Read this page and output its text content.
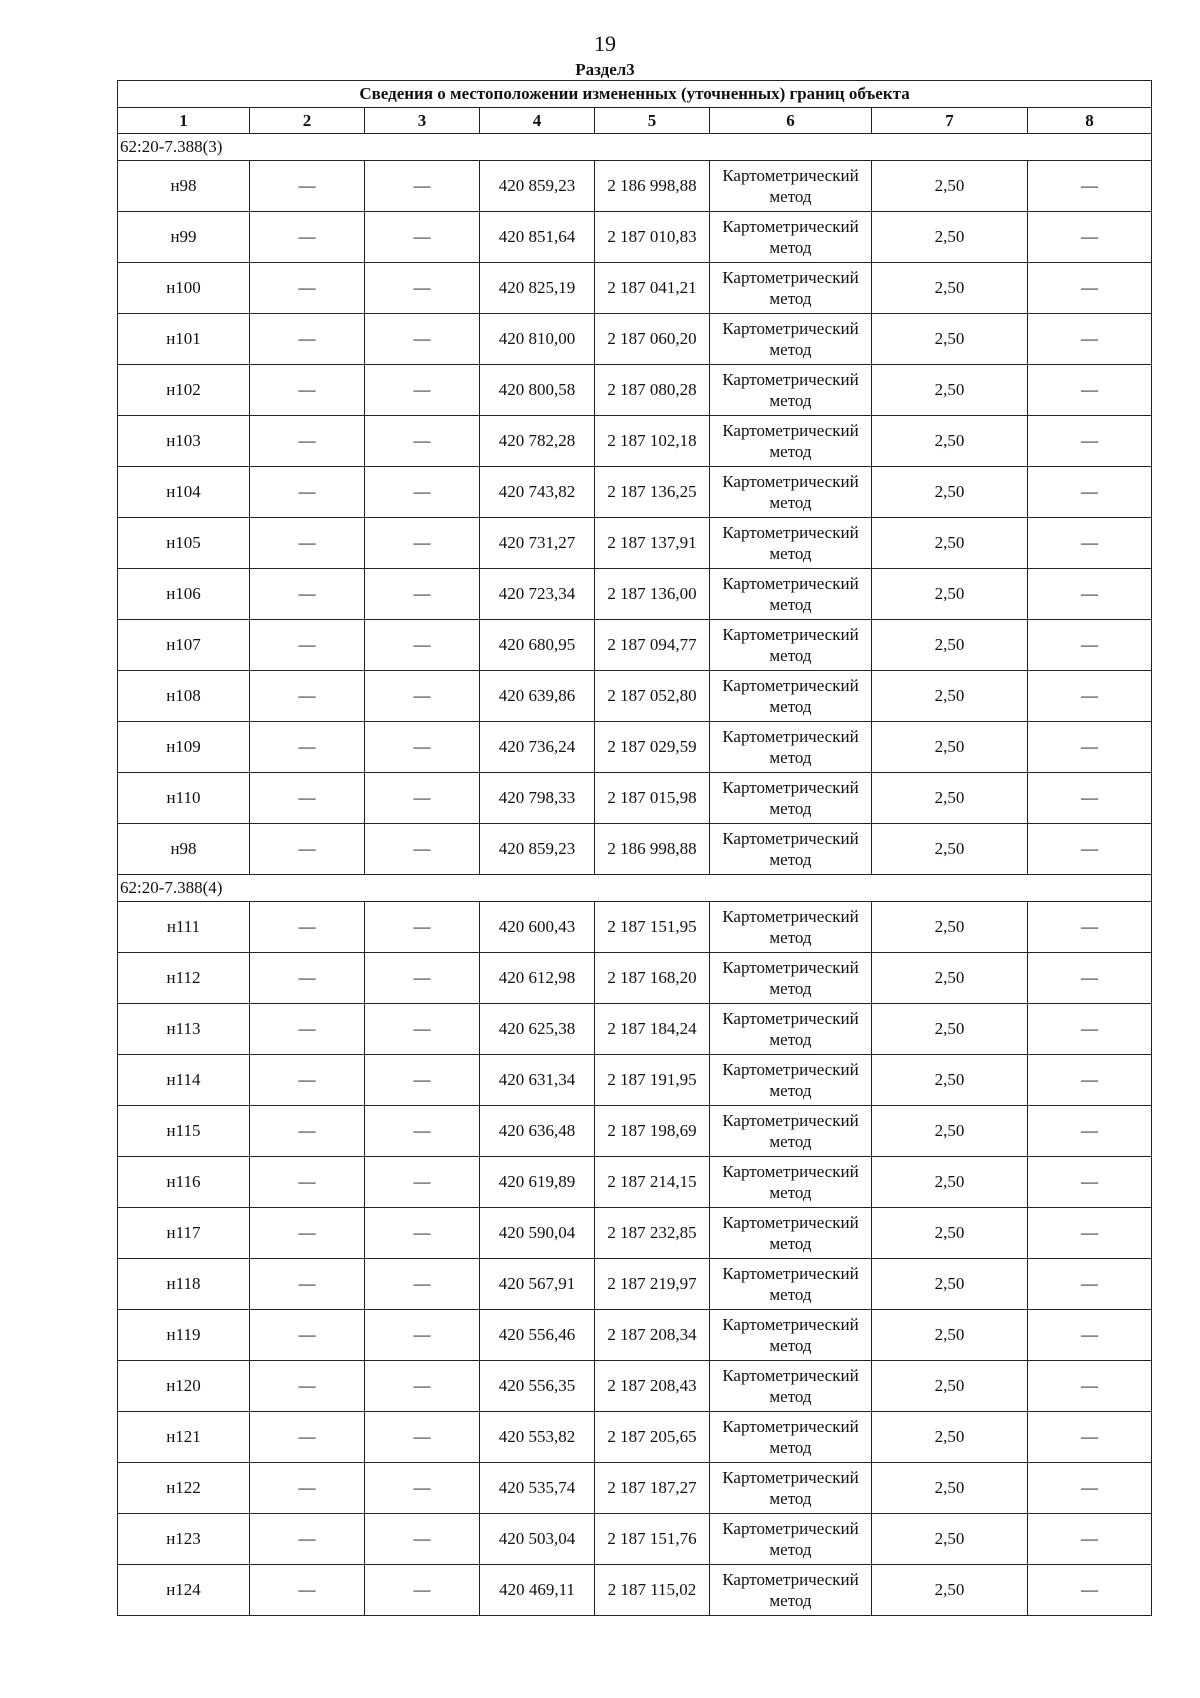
19
Раздел3
Сведения о местоположении измененных (уточненных) границ объекта							
1	2	3	4	5	6	7	8
62:20-7.388(3)							
н98	—	—	420 859,23	2 186 998,88	Картометрический метод	2,50	—
н99	—	—	420 851,64	2 187 010,83	Картометрический метод	2,50	—
н100	—	—	420 825,19	2 187 041,21	Картометрический метод	2,50	—
н101	—	—	420 810,00	2 187 060,20	Картометрический метод	2,50	—
н102	—	—	420 800,58	2 187 080,28	Картометрический метод	2,50	—
н103	—	—	420 782,28	2 187 102,18	Картометрический метод	2,50	—
н104	—	—	420 743,82	2 187 136,25	Картометрический метод	2,50	—
н105	—	—	420 731,27	2 187 137,91	Картометрический метод	2,50	—
н106	—	—	420 723,34	2 187 136,00	Картометрический метод	2,50	—
н107	—	—	420 680,95	2 187 094,77	Картометрический метод	2,50	—
н108	—	—	420 639,86	2 187 052,80	Картометрический метод	2,50	—
н109	—	—	420 736,24	2 187 029,59	Картометрический метод	2,50	—
н110	—	—	420 798,33	2 187 015,98	Картометрический метод	2,50	—
н98	—	—	420 859,23	2 186 998,88	Картометрический метод	2,50	—
62:20-7.388(4)							
н111	—	—	420 600,43	2 187 151,95	Картометрический метод	2,50	—
н112	—	—	420 612,98	2 187 168,20	Картометрический метод	2,50	—
н113	—	—	420 625,38	2 187 184,24	Картометрический метод	2,50	—
н114	—	—	420 631,34	2 187 191,95	Картометрический метод	2,50	—
н115	—	—	420 636,48	2 187 198,69	Картометрический метод	2,50	—
н116	—	—	420 619,89	2 187 214,15	Картометрический метод	2,50	—
н117	—	—	420 590,04	2 187 232,85	Картометрический метод	2,50	—
н118	—	—	420 567,91	2 187 219,97	Картометрический метод	2,50	—
н119	—	—	420 556,46	2 187 208,34	Картометрический метод	2,50	—
н120	—	—	420 556,35	2 187 208,43	Картометрический метод	2,50	—
н121	—	—	420 553,82	2 187 205,65	Картометрический метод	2,50	—
н122	—	—	420 535,74	2 187 187,27	Картометрический метод	2,50	—
н123	—	—	420 503,04	2 187 151,76	Картометрический метод	2,50	—
н124	—	—	420 469,11	2 187 115,02	Картометрический метод	2,50	—
